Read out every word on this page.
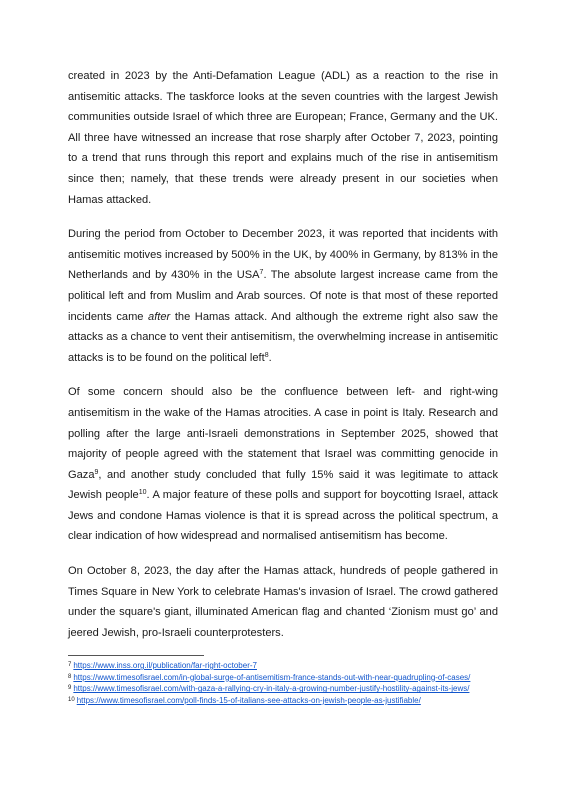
created in 2023 by the Anti-Defamation League (ADL) as a reaction to the rise in antisemitic attacks. The taskforce looks at the seven countries with the largest Jewish communities outside Israel of which three are European; France, Germany and the UK. All three have witnessed an increase that rose sharply after October 7, 2023, pointing to a trend that runs through this report and explains much of the rise in antisemitism since then; namely, that these trends were already present in our societies when Hamas attacked.

During the period from October to December 2023, it was reported that incidents with antisemitic motives increased by 500% in the UK, by 400% in Germany, by 813% in the Netherlands and by 430% in the USA$^7$. The absolute largest increase came from the political left and from Muslim and Arab sources. Of note is that most of these reported incidents came after the Hamas attack. And although the extreme right also saw the attacks as a chance to vent their antisemitism, the overwhelming increase in antisemitic attacks is to be found on the political left$^8$.

Of some concern should also be the confluence between left- and right-wing antisemitism in the wake of the Hamas atrocities. A case in point is Italy. Research and polling after the large anti-Israeli demonstrations in September 2025, showed that majority of people agreed with the statement that Israel was committing genocide in Gaza$^9$, and another study concluded that fully 15% said it was legitimate to attack Jewish people$^{10}$. A major feature of these polls and support for boycotting Israel, attack Jews and condone Hamas violence is that it is spread across the political spectrum, a clear indication of how widespread and normalised antisemitism has become.

On October 8, 2023, the day after the Hamas attack, hundreds of people gathered in Times Square in New York to celebrate Hamas's invasion of Israel. The crowd gathered under the square's giant, illuminated American flag and chanted ‘Zionism must go’ and jeered Jewish, pro-Israeli counterprotesters.

$^7$ https://www.inss.org.il/publication/far-right-october-7
$^8$ https://www.timesofisrael.com/in-global-surge-of-antisemitism-france-stands-out-with-near-quadrupling-of-cases/
$^9$ https://www.timesofisrael.com/with-gaza-a-rallying-cry-in-italy-a-growing-number-justify-hostility-against-its-jews/
$^{10}$ https://www.timesofisrael.com/poll-finds-15-of-italians-see-attacks-on-jewish-people-as-justifiable/
